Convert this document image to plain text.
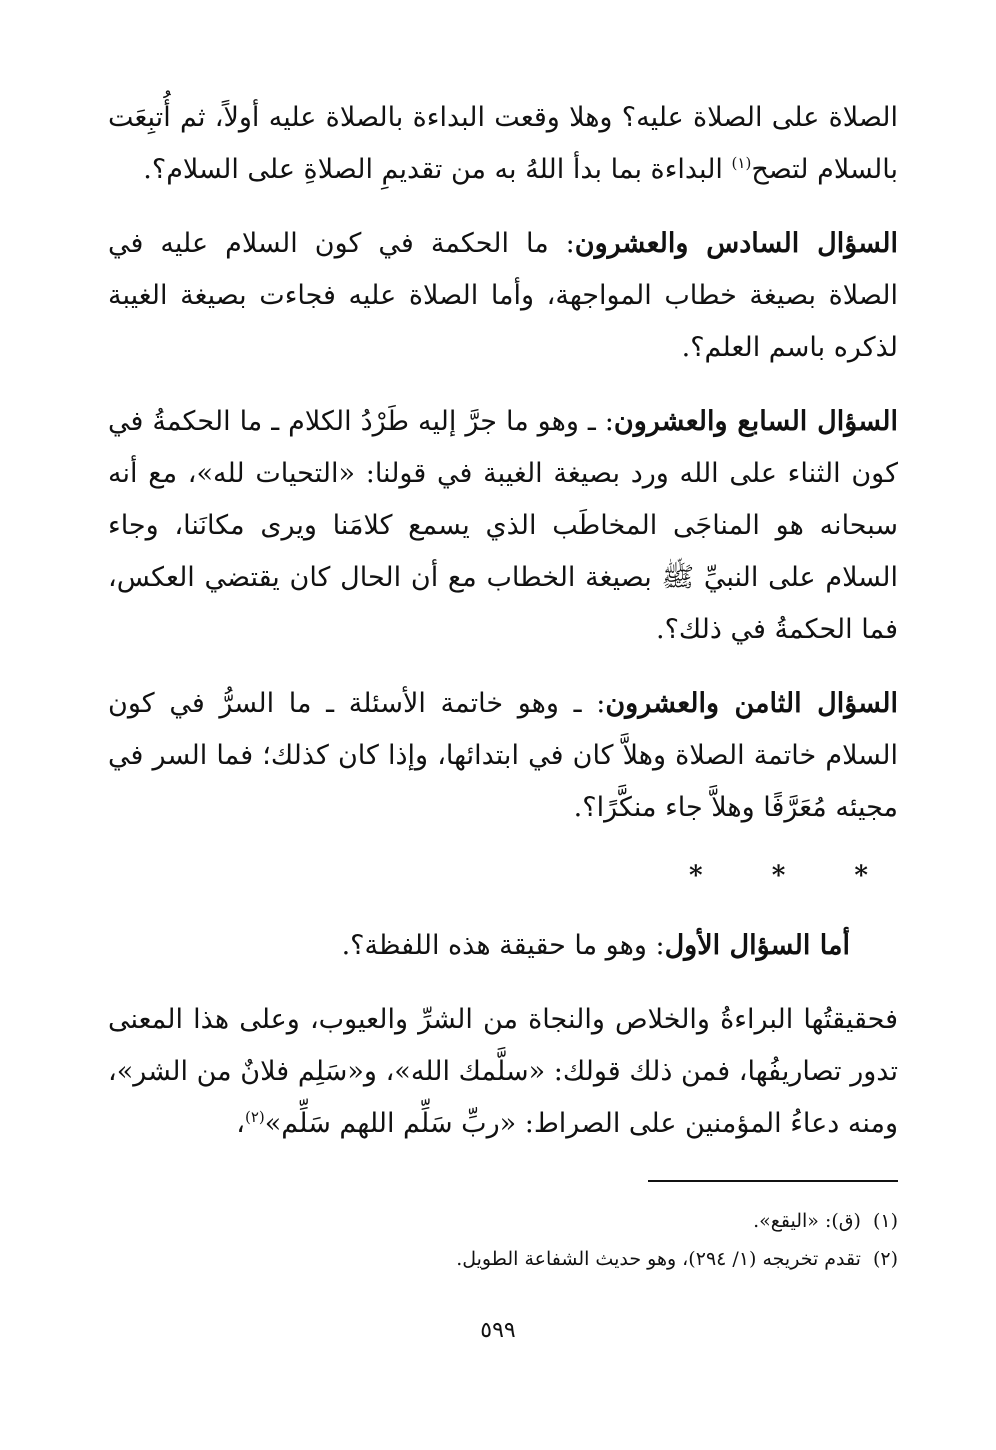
الصلاة على الصلاة عليه؟ وهلا وقعت البداءة بالصلاة عليه أولاً، ثم أُتبِعَت بالسلام لتصح$^{(١)}$ البداءة بما بدأ اللهُ به من تقديمِ الصلاةِ على السلام؟.

السؤال السادس والعشرون: ما الحكمة في كون السلام عليه في الصلاة بصيغة خطاب المواجهة، وأما الصلاة عليه فجاءت بصيغة الغيبة لذكره باسم العلم؟.

السؤال السابع والعشرون: ـ وهو ما جرَّ إليه طَرْدُ الكلام ـ ما الحكمةُ في كون الثناء على الله ورد بصيغة الغيبة في قولنا: «التحيات لله»، مع أنه سبحانه هو المناجَى المخاطَب الذي يسمع كلامَنا ويرى مكانَنا، وجاء السلام على النبيِّ ﷺ بصيغة الخطاب مع أن الحال كان يقتضي العكس، فما الحكمةُ في ذلك؟.

السؤال الثامن والعشرون: ـ وهو خاتمة الأسئلة ـ ما السرُّ في كون السلام خاتمة الصلاة وهلاَّ كان في ابتدائها، وإذا كان كذلك؛ فما السر في مجيئه مُعَرَّفًا وهلاَّ جاء منكَّرًا؟.

* * *

أما السؤال الأول: وهو ما حقيقة هذه اللفظة؟.

فحقيقتُها البراءةُ والخلاص والنجاة من الشرِّ والعيوب، وعلى هذا المعنى تدور تصاريفُها، فمن ذلك قولك: «سلَّمك الله»، و«سَلِم فلانٌ من الشر»، ومنه دعاءُ المؤمنين على الصراط: «ربِّ سَلِّم اللهم سَلِّم»$^{(٢)}$،

(١)(ق): «اليقع».
(٢)تقدم تخريجه (١/ ٢٩٤)، وهو حديث الشفاعة الطويل.
٥٩٩
